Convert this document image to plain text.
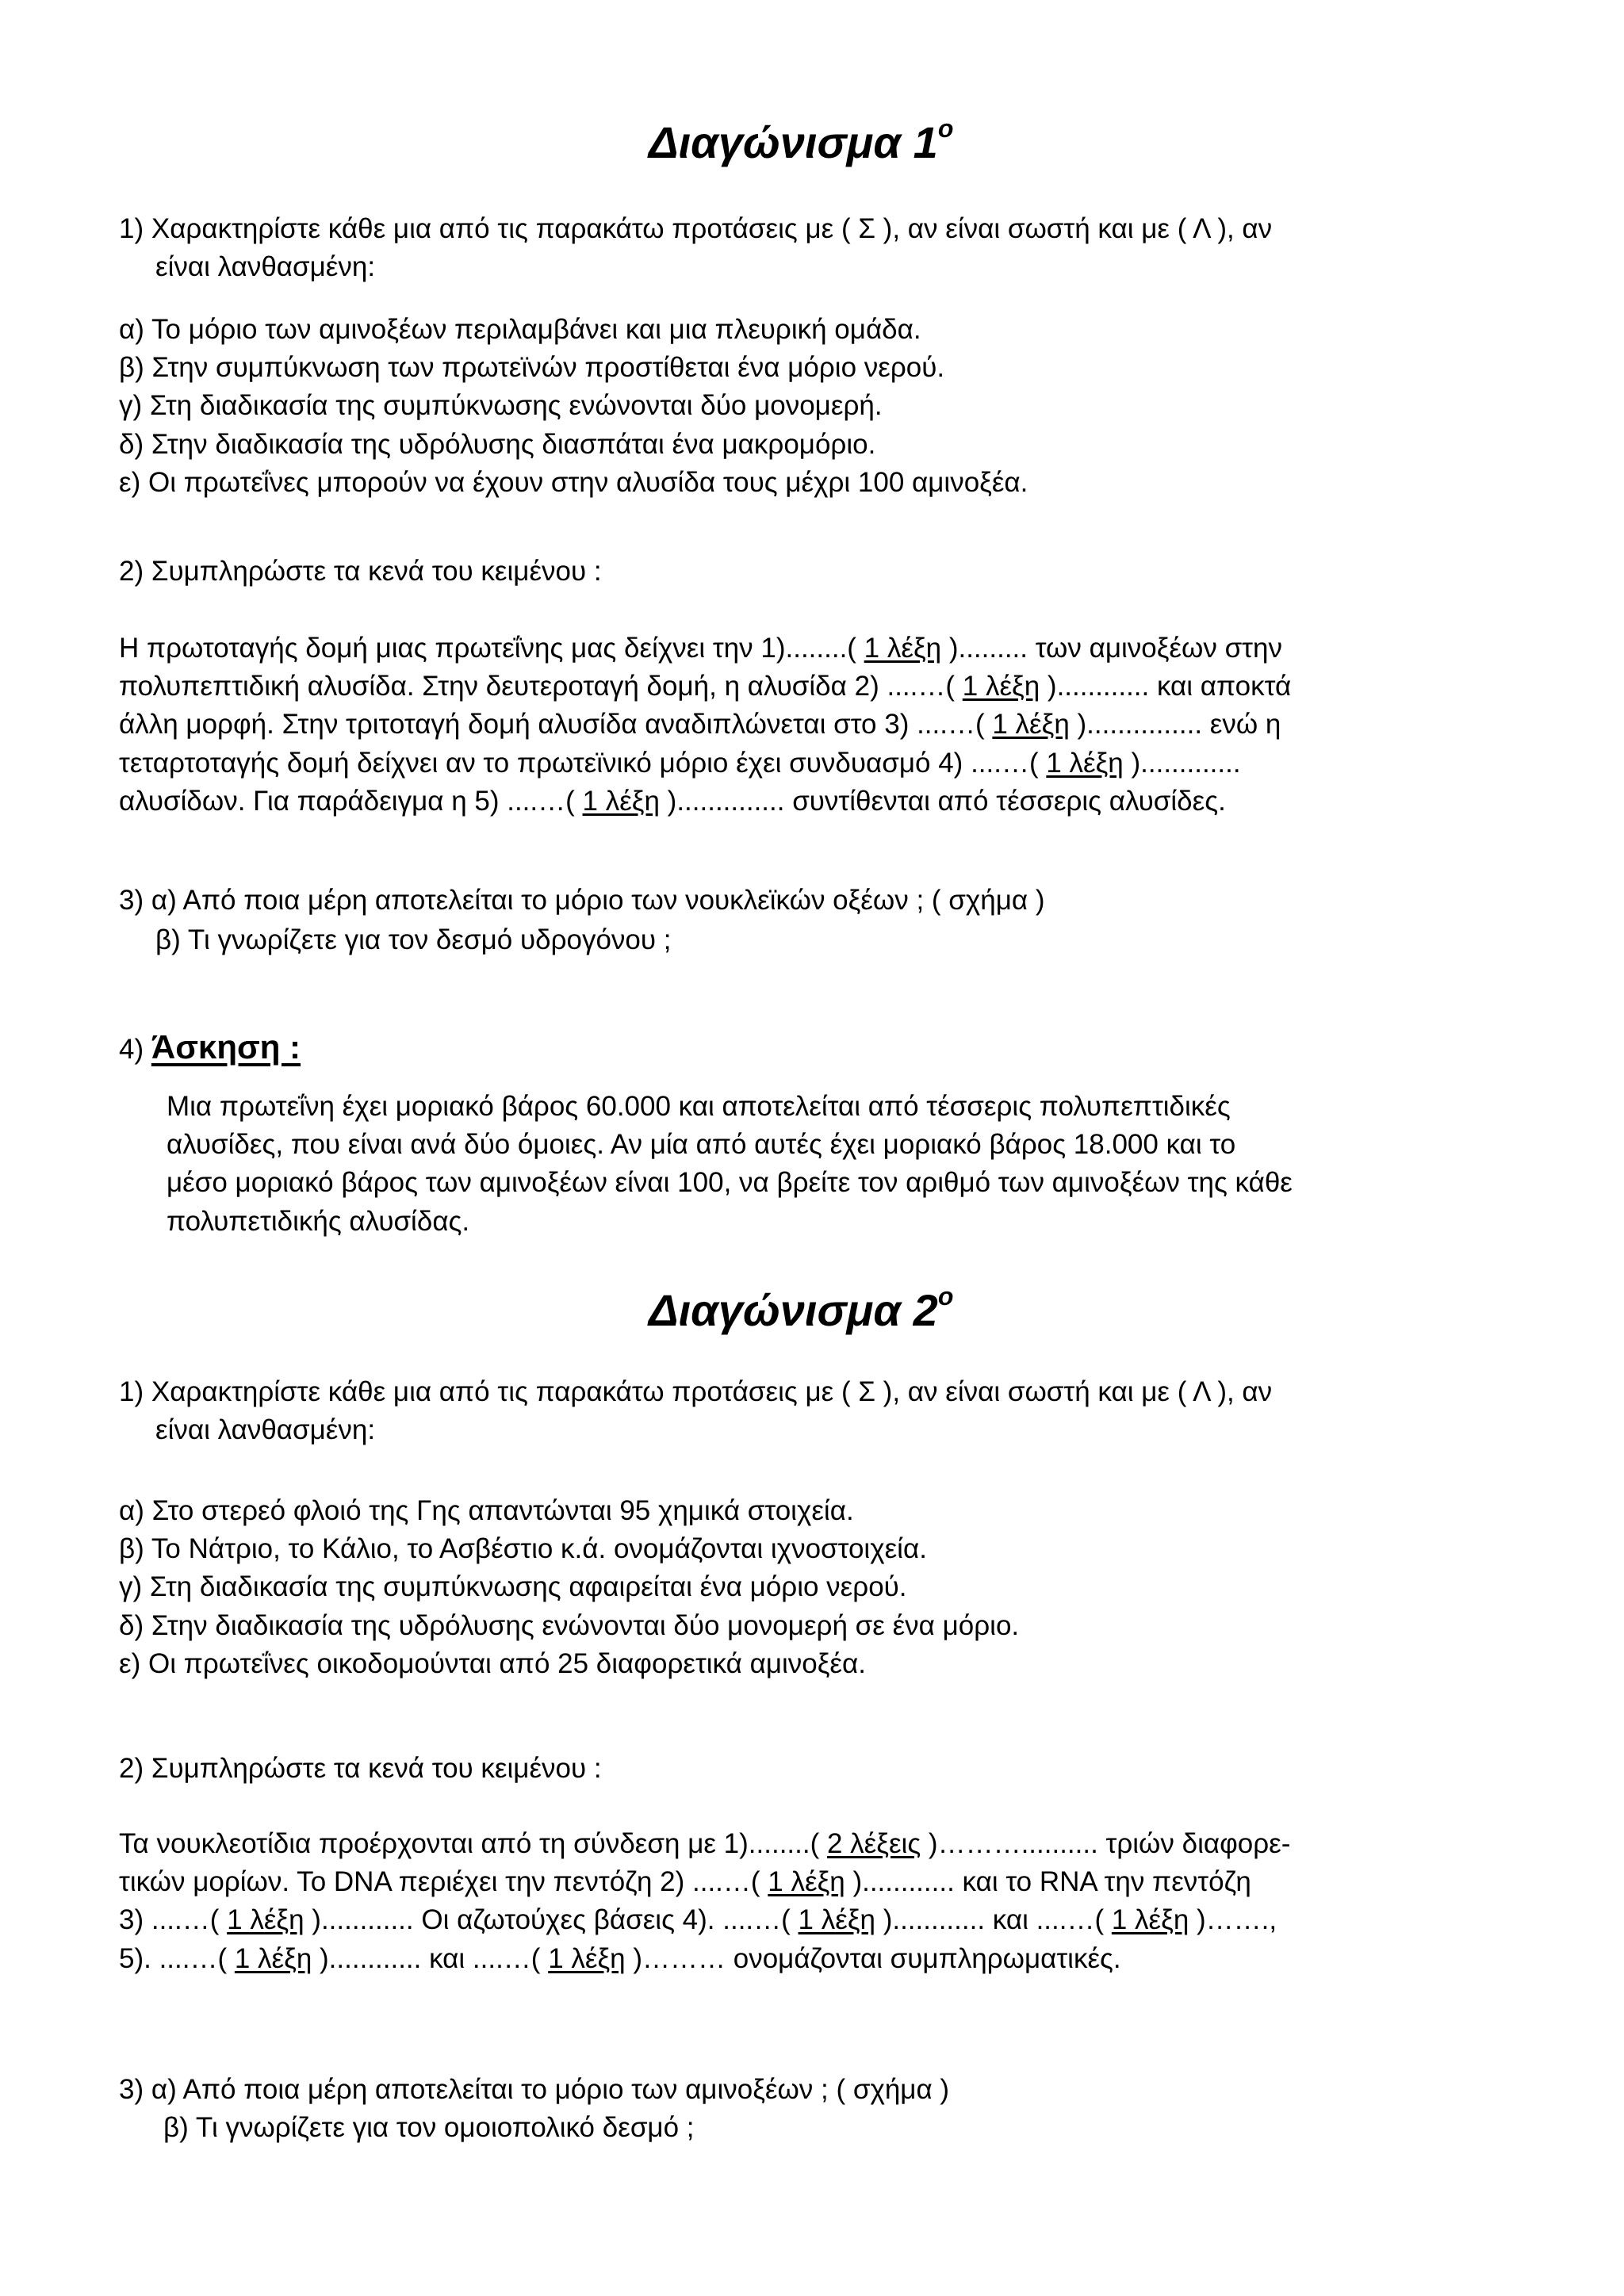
Διαγώνισμα $1^o$
1) Χαρακτηρίστε κάθε μια από τις παρακάτω προτάσεις με ( Σ ), αν είναι σωστή και με ( Λ ), αν
είναι λανθασμένη:
α) Το μόριο των αμινοξέων περιλαμβάνει και μια πλευρική ομάδα.
β) Στην συμπύκνωση των πρωτεϊνών προστίθεται ένα μόριο νερού.
γ) Στη διαδικασία της συμπύκνωσης ενώνονται δύο μονομερή.
δ) Στην διαδικασία της υδρόλυσης διασπάται ένα μακρομόριο.
ε) Οι πρωτεΐνες μπορούν να έχουν στην αλυσίδα τους μέχρι 100 αμινοξέα.
2) Συμπληρώστε τα κενά του κειμένου :
Η πρωτοταγής δομή μιας πρωτεΐνης μας δείχνει την 1)........( 1 λέξη )......... των αμινοξέων στην
πολυπεπτιδική αλυσίδα. Στην δευτεροταγή δομή, η αλυσίδα 2) ....…( 1 λέξη )............ και αποκτά
άλλη μορφή. Στην τριτοταγή δομή αλυσίδα αναδιπλώνεται στο 3) ....…( 1 λέξη )............... ενώ η
τεταρτοταγής δομή δείχνει αν το πρωτεϊνικό μόριο έχει συνδυασμό 4) ....…( 1 λέξη ).............
αλυσίδων. Για παράδειγμα η 5) ....…( 1 λέξη ).............. συντίθενται από τέσσερις αλυσίδες.
3) α) Από ποια μέρη αποτελείται το μόριο των νουκλεϊκών οξέων ; ( σχήμα )
β) Τι γνωρίζετε για τον δεσμό υδρογόνου ;
4) Άσκηση :
Μια πρωτεΐνη έχει μοριακό βάρος 60.000 και αποτελείται από τέσσερις πολυπεπτιδικές
αλυσίδες, που είναι ανά δύο όμοιες. Αν μία από αυτές έχει μοριακό βάρος 18.000 και το
μέσο μοριακό βάρος των αμινοξέων είναι 100, να βρείτε τον αριθμό των αμινοξέων της κάθε
πολυπετιδικής αλυσίδας.
Διαγώνισμα $2^o$
1) Χαρακτηρίστε κάθε μια από τις παρακάτω προτάσεις με ( Σ ), αν είναι σωστή και με ( Λ ), αν
είναι λανθασμένη:
α) Στο στερεό φλοιό της Γης απαντώνται 95 χημικά στοιχεία.
β) Το Νάτριο, το Κάλιο, το Ασβέστιο κ.ά. ονομάζονται ιχνοστοιχεία.
γ) Στη διαδικασία της συμπύκνωσης αφαιρείται ένα μόριο νερού.
δ) Στην διαδικασία της υδρόλυσης ενώνονται δύο μονομερή σε ένα μόριο.
ε) Οι πρωτεΐνες οικοδομούνται από 25 διαφορετικά αμινοξέα.
2) Συμπληρώστε τα κενά του κειμένου :
Τα νουκλεοτίδια προέρχονται από τη σύνδεση με 1)........( 2 λέξεις )……….......... τριών διαφορε-
τικών μορίων. Το DNA περιέχει την πεντόζη 2) ....…( 1 λέξη )............ και το RNA την πεντόζη
3) ....…( 1 λέξη )............ Οι αζωτούχες βάσεις 4). ....…( 1 λέξη )............ και ....…( 1 λέξη )…….,
5). ....…( 1 λέξη )............ και ....…( 1 λέξη )……… ονομάζονται συμπληρωματικές.
3) α) Από ποια μέρη αποτελείται το μόριο των αμινοξέων ; ( σχήμα )
β) Τι γνωρίζετε για τον ομοιοπολικό δεσμό ;
